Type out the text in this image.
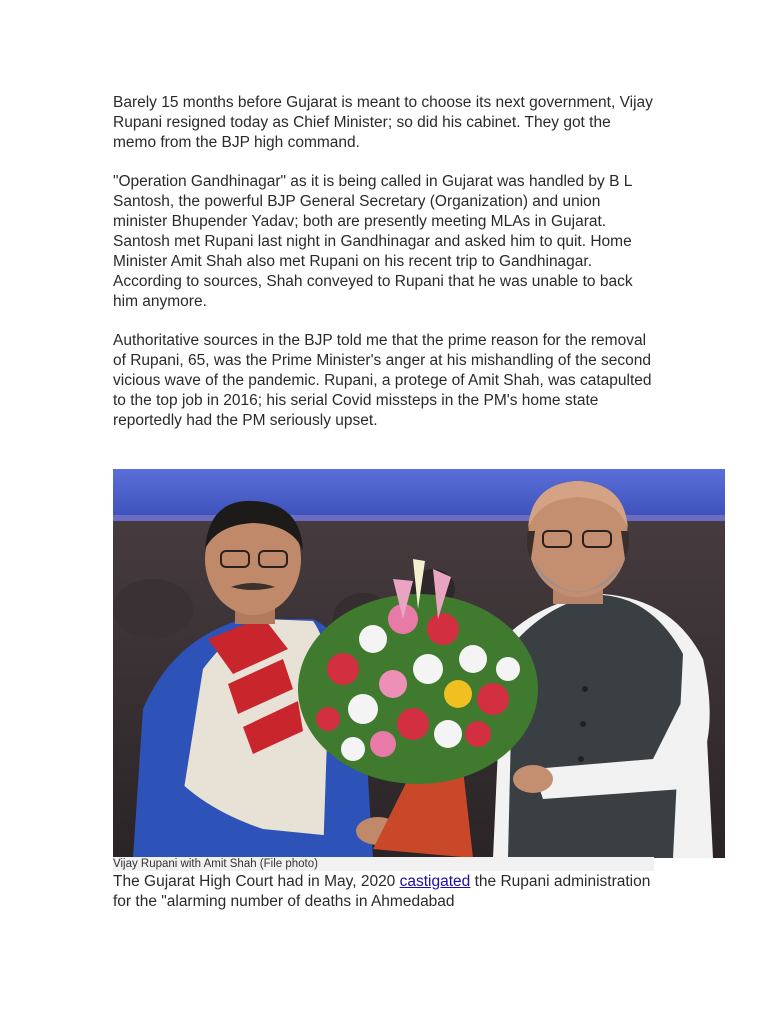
Barely 15 months before Gujarat is meant to choose its next government, Vijay Rupani resigned today as Chief Minister; so did his cabinet. They got the memo from the BJP high command.

"Operation Gandhinagar" as it is being called in Gujarat was handled by B L Santosh, the powerful BJP General Secretary (Organization) and union minister Bhupender Yadav; both are presently meeting MLAs in Gujarat. Santosh met Rupani last night in Gandhinagar and asked him to quit. Home Minister Amit Shah also met Rupani on his recent trip to Gandhinagar. According to sources, Shah conveyed to Rupani that he was unable to back him anymore.

Authoritative sources in the BJP told me that the prime reason for the removal of Rupani, 65, was the Prime Minister's anger at his mishandling of the second vicious wave of the pandemic. Rupani, a protege of Amit Shah, was catapulted to the top job in 2016; his serial Covid missteps in the PM's home state reportedly had the PM seriously upset.

Vijay Rupani with Amit Shah (File photo)

The Gujarat High Court had in May, 2020 castigated the Rupani administration for the "alarming number of deaths in Ahmedabad
